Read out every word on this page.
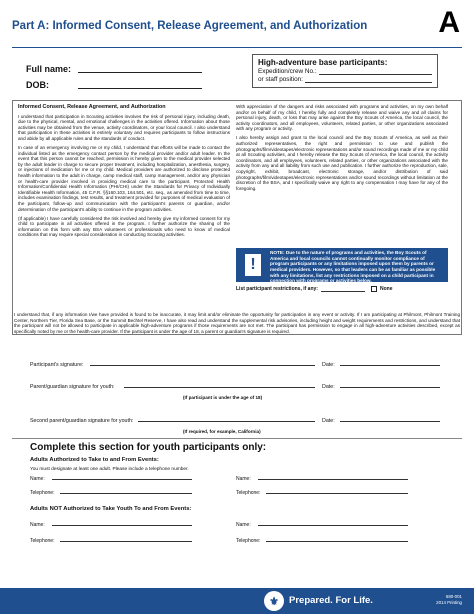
Part A: Informed Consent, Release Agreement, and Authorization A
Full name:
DOB:
High-adventure base participants:
Expedition/crew No.:
or staff position:
Informed Consent, Release Agreement, and Authorization

I understand that participation in Scouting activities involves the risk of personal injury, including death, due to the physical, mental, and emotional challenges in the activities offered. Information about those activities may be obtained from the venue, activity coordinators, or your local council. I also understand that participation in these activities is entirely voluntary and requires participants to follow instructions and abide by all applicable rules and the standards of conduct.

In case of an emergency involving me or my child, I understand that efforts will be made to contact the individual listed as the emergency contact person by the medical provider and/or adult leader. In the event that this person cannot be reached, permission is hereby given to the medical provider selected by the adult leader in charge to secure proper treatment, including hospitalization, anesthesia, surgery, or injections of medication for me or my child. Medical providers are authorized to disclose protected health information to the adult in charge, camp medical staff, camp management, and/or any physician or health-care provider involved in providing medical care to the participant. Protected Health Information/Confidential Health Information (PHI/CHI) under the Standards for Privacy of Individually Identifiable Health Information, 45 C.F.R. §§160.103, 164.501, etc. seq., as amended from time to time, includes examination findings, test results, and treatment provided for purposes of medical evaluation of the participant, follow-up and communication with the participant's parents or guardian, and/or determination of the participant's ability to continue in the program activities.

(If applicable) I have carefully considered the risk involved and hereby give my informed consent for my child to participate in all activities offered in the program. I further authorize the sharing of the information on this form with any BSA volunteers or professionals who need to know of medical conditions that may require special consideration in conducting Scouting activities.

With appreciation of the dangers and risks associated with programs and activities, on my own behalf and/or on behalf of my child, I hereby fully and completely release and waive any and all claims for personal injury, death, or loss that may arise against the Boy Scouts of America, the local council, the activity coordinators, and all employees, volunteers, related parties, or other organizations associated with any program or activity.

I also hereby assign and grant to the local council and the Boy Scouts of America, as well as their authorized representatives, the right and permission to use and publish the photographs/film/videotapes/electronic representations and/or sound recordings made of me or my child at all Scouting activities, and I hereby release the Boy Scouts of America, the local council, the activity coordinators, and all employees, volunteers, related parties, or other organizations associated with the activity from any and all liability from such use and publication. I further authorize the reproduction, sale, copyright, exhibit, broadcast, electronic storage, and/or distribution of said photographs/film/videotapes/electronic representations and/or sound recordings without limitation at the discretion of the BSA, and I specifically waive any right to any compensation I may have for any of the foregoing.

!
NOTE: Due to the nature of programs and activities, the Boy Scouts of America and local councils cannot continually monitor compliance of program participants or any limitations imposed upon them by parents or medical providers. However, so that leaders can be as familiar as possible with any limitations, list any restrictions imposed on a child participant in connection with programs or activities below.
List participant restrictions, if any:	None
I understand that, if any information I/we have provided is found to be inaccurate, it may limit and/or eliminate the opportunity for participation in any event or activity. If I am participating at Philmont, Philmont Training Center, Northern Tier, Florida Sea Base, or the Summit Bechtel Reserve, I have also read and understand the supplemental risk advisories, including height and weight requirements and restrictions, and understand that the participant will not be allowed to participate in applicable high-adventure programs if those requirements are not met. The participant has permission to engage in all high-adventure activities described, except as specifically noted by me or the health-care provider. If the participant is under the age of 18, a parent or guardian's signature is required.
Participant's signature:	Date:
Parent/guardian signature for youth:	Date:
(If participant is under the age of 18)
Second parent/guardian signature for youth:	Date:
(If required, for example, California)
Complete this section for youth participants only:
Adults Authorized to Take to and From Events:
You must designate at least one adult. Please include a telephone number.
Name:	Name:
Telephone:	Telephone:
Adults NOT Authorized to Take Youth To and From Events:
Name:	Name:
Telephone:	Telephone:
⚜	Prepared. For Life.	680-001
2014 Printing
